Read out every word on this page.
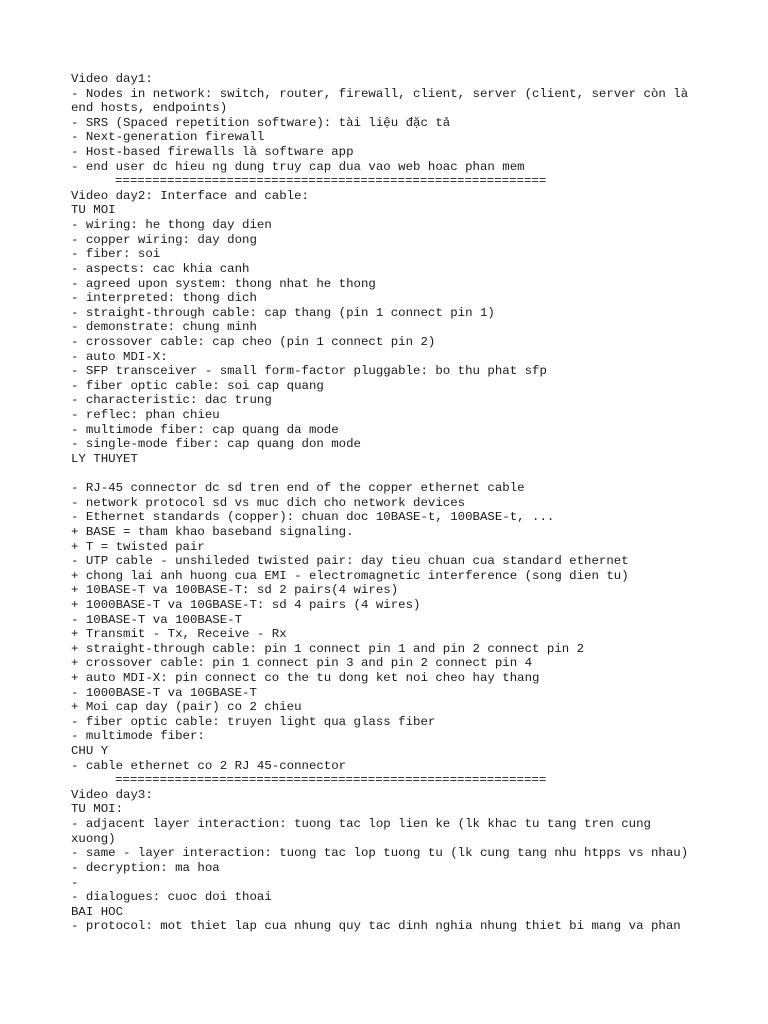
Video day1:
- Nodes in network: switch, router, firewall, client, server (client, server còn là
end hosts, endpoints)
- SRS (Spaced repetition software): tài liệu đặc tả
- Next-generation firewall
- Host-based firewalls là software app
- end user dc hieu ng dung truy cap dua vao web hoac phan mem
==========================================================
Video day2: Interface and cable:
TU MOI
- wiring: he thong day dien
- copper wiring: day dong
- fiber: soi
- aspects: cac khia canh
- agreed upon system: thong nhat he thong
- interpreted: thong dich
- straight-through cable: cap thang (pin 1 connect pin 1)
- demonstrate: chung minh
- crossover cable: cap cheo (pin 1 connect pin 2)
- auto MDI-X:
- SFP transceiver - small form-factor pluggable: bo thu phat sfp
- fiber optic cable: soi cap quang
- characteristic: dac trung
- reflec: phan chieu
- multimode fiber: cap quang da mode
- single-mode fiber: cap quang don mode
LY THUYET
- RJ-45 connector dc sd tren end of the copper ethernet cable
- network protocol sd vs muc dich cho network devices
- Ethernet standards (copper): chuan doc 10BASE-t, 100BASE-t, ...
+ BASE = tham khao baseband signaling.
+ T = twisted pair
- UTP cable - unshileded twisted pair: day tieu chuan cua standard ethernet
+ chong lai anh huong cua EMI - electromagnetic interference (song dien tu)
+ 10BASE-T va 100BASE-T: sd 2 pairs(4 wires)
+ 1000BASE-T va 10GBASE-T: sd 4 pairs (4 wires)
- 10BASE-T va 100BASE-T
+ Transmit - Tx, Receive - Rx
+ straight-through cable: pin 1 connect pin 1 and pin 2 connect pin 2
+ crossover cable: pin 1 connect pin 3 and pin 2 connect pin 4
+ auto MDI-X: pin connect co the tu dong ket noi cheo hay thang
- 1000BASE-T va 10GBASE-T
+ Moi cap day (pair) co 2 chieu
- fiber optic cable: truyen light qua glass fiber
- multimode fiber:
CHU Y
- cable ethernet co 2 RJ 45-connector
==========================================================
Video day3:
TU MOI:
- adjacent layer interaction: tuong tac lop lien ke (lk khac tu tang tren cung
xuong)
- same - layer interaction: tuong tac lop tuong tu (lk cung tang nhu htpps vs nhau)
- decryption: ma hoa
-
- dialogues: cuoc doi thoai
BAI HOC
- protocol: mot thiet lap cua nhung quy tac dinh nghia nhung thiet bi mang va phan
